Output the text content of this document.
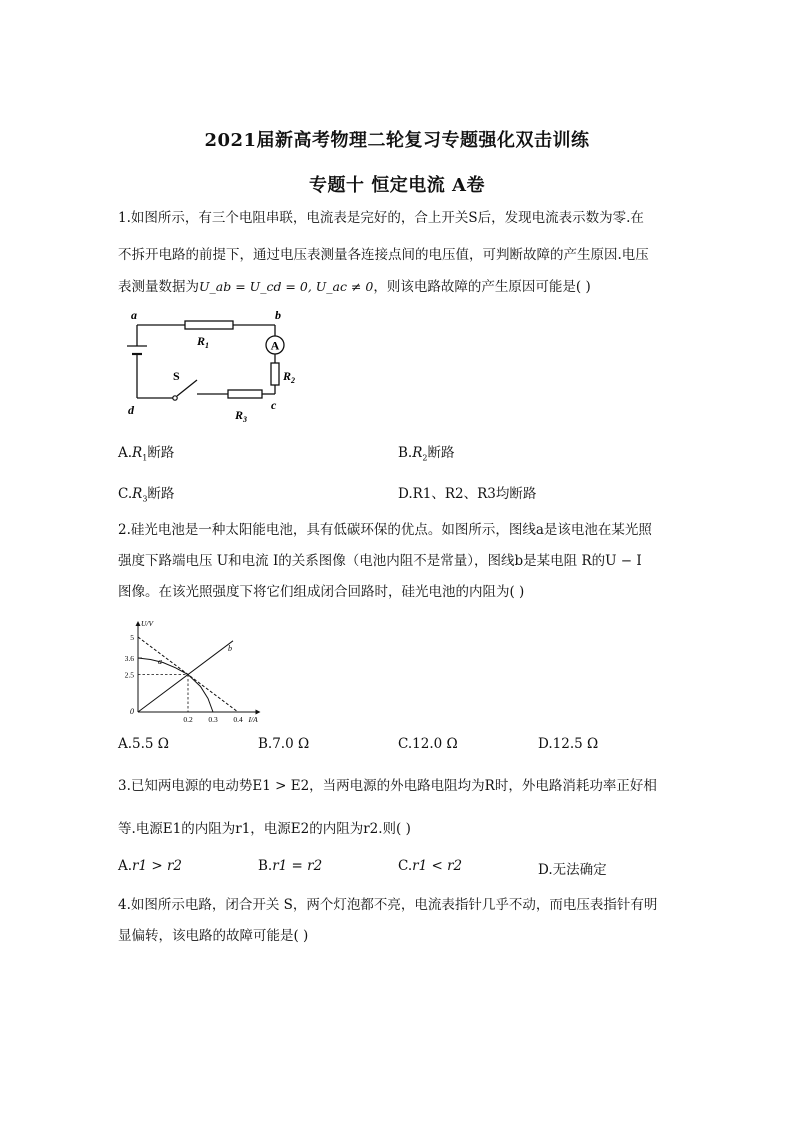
2021届新高考物理二轮复习专题强化双击训练
专题十 恒定电流 A卷
1.如图所示，有三个电阻串联，电流表是完好的，合上开关S后，发现电流表示数为零.在
不拆开电路的前提下，通过电压表测量各连接点间的电压值，可判断故障的产生原因.电压
表测量数据为U_ab = U_cd = 0, U_ac ≠ 0，则该电路故障的产生原因可能是( )
A
a	b
c
d
S
$R_1$
$R_2$
$R_3$
$A.R_1$断路	$B.R_2$断路
$C.R_3$断路	D.R1、R2、R3均断路
2.硅光电池是一种太阳能电池，具有低碳环保的优点。如图所示，图线a是该电池在某光照
强度下路端电压 U和电流 I的关系图像（电池内阻不是常量），图线b是某电阻 R的U − I
图像。在该光照强度下将它们组成闭合回路时，硅光电池的内阻为( )
U/V
I/A
0
2.5
3.6
5
0.2 0.3 0.4
a
b
A.5.5 Ω	B.7.0 Ω	C.12.0 Ω	D.12.5 Ω
3.已知两电源的电动势E1 > E2，当两电源的外电路电阻均为R时，外电路消耗功率正好相
等.电源E1的内阻为r1，电源E2的内阻为r2.则( )
A.r1 > r2	B.r1 = r2	C.r1 < r2	D.无法确定
4.如图所示电路，闭合开关 S，两个灯泡都不亮，电流表指针几乎不动，而电压表指针有明
显偏转，该电路的故障可能是( )
